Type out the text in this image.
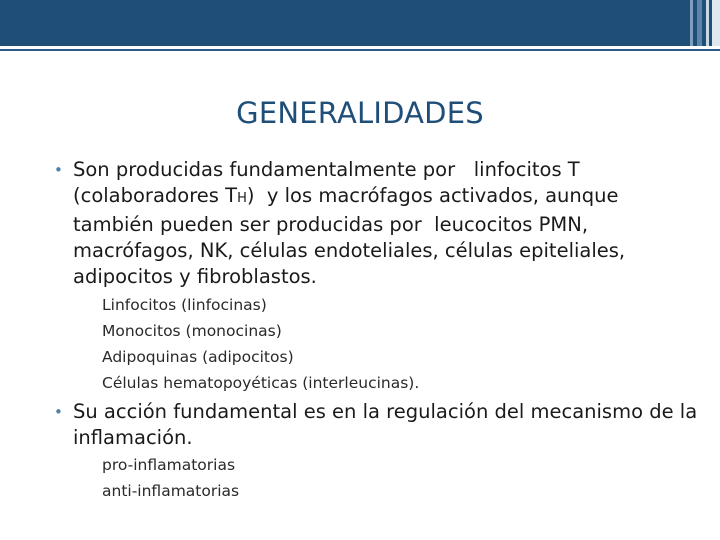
GENERALIDADES
• Son producidas fundamentalmente por linfocitos T (colaboradores TH) y los macrófagos activados, aunque también pueden ser producidas por leucocitos PMN, macrófagos, NK, células endoteliales, células epiteliales, adipocitos y fibroblastos.
Linfocitos (linfocinas)
Monocitos (monocinas)
Adipoquinas (adipocitos)
Células hematopoyéticas (interleucinas).
• Su acción fundamental es en la regulación del mecanismo de la inflamación.
pro-inflamatorias
anti-inflamatorias
